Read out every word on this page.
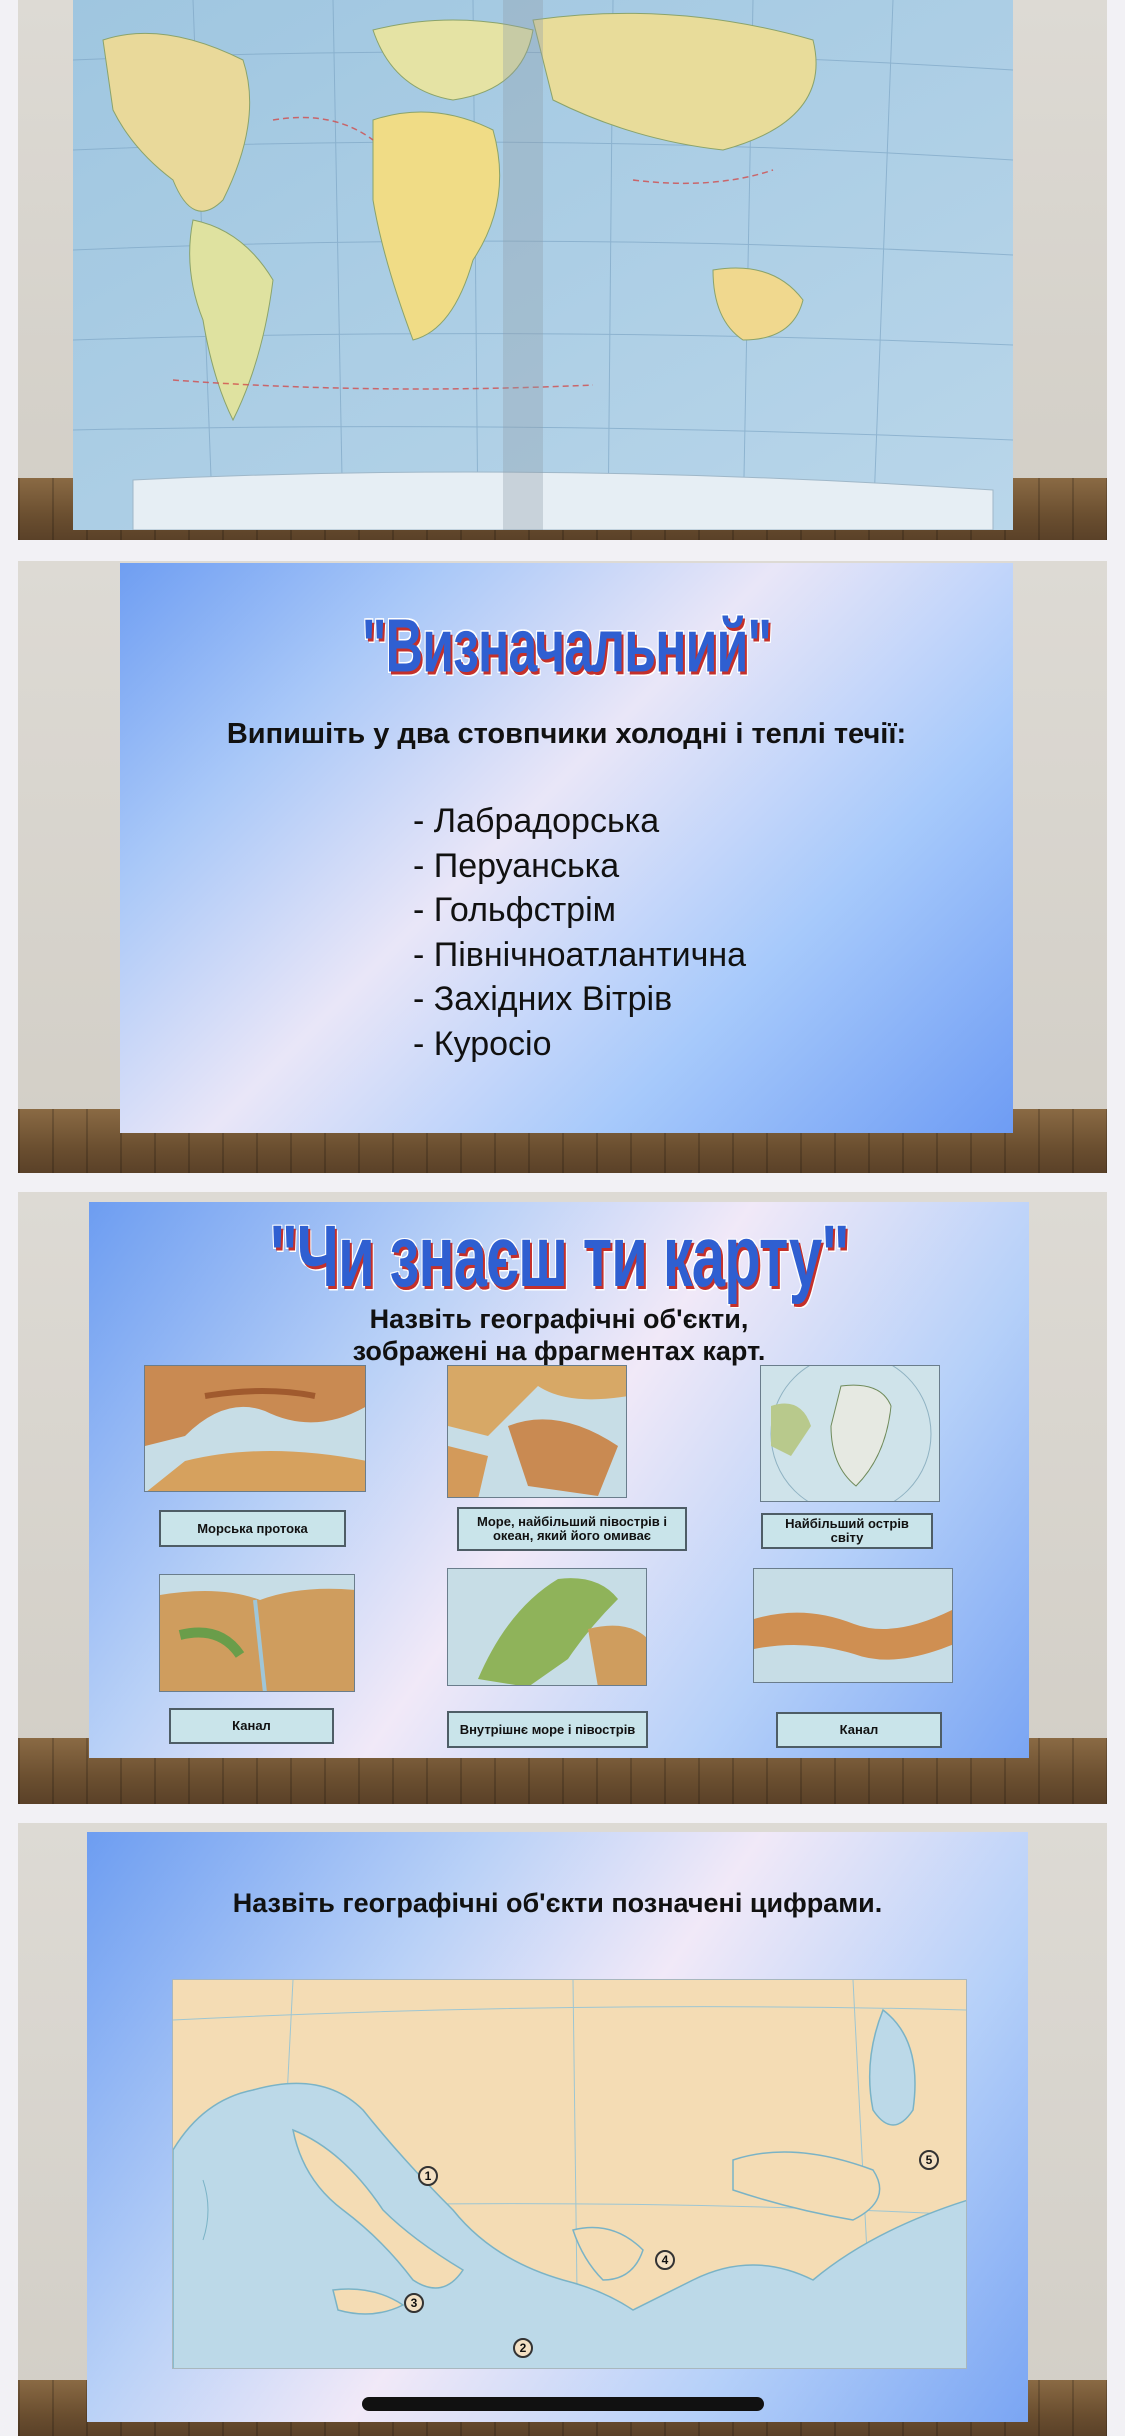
"Визначальний"
Випишіть у два стовпчики холодні і теплі течії:
- Лабрадорська
- Перуанська
- Гольфстрім
- Північноатлантична
- Західних Вітрів
- Куросіо
"Чи знаєш ти карту"
Назвіть географічні об'єкти,
зображені на фрагментах карт.
Морська протока	Море, найбільший півострів і океан, який його омиває
Найбільший острів світу
Канал	Внутрішнє море і півострів	Канал
Назвіть географічні об'єкти позначені цифрами.
1
2
3
4
5
